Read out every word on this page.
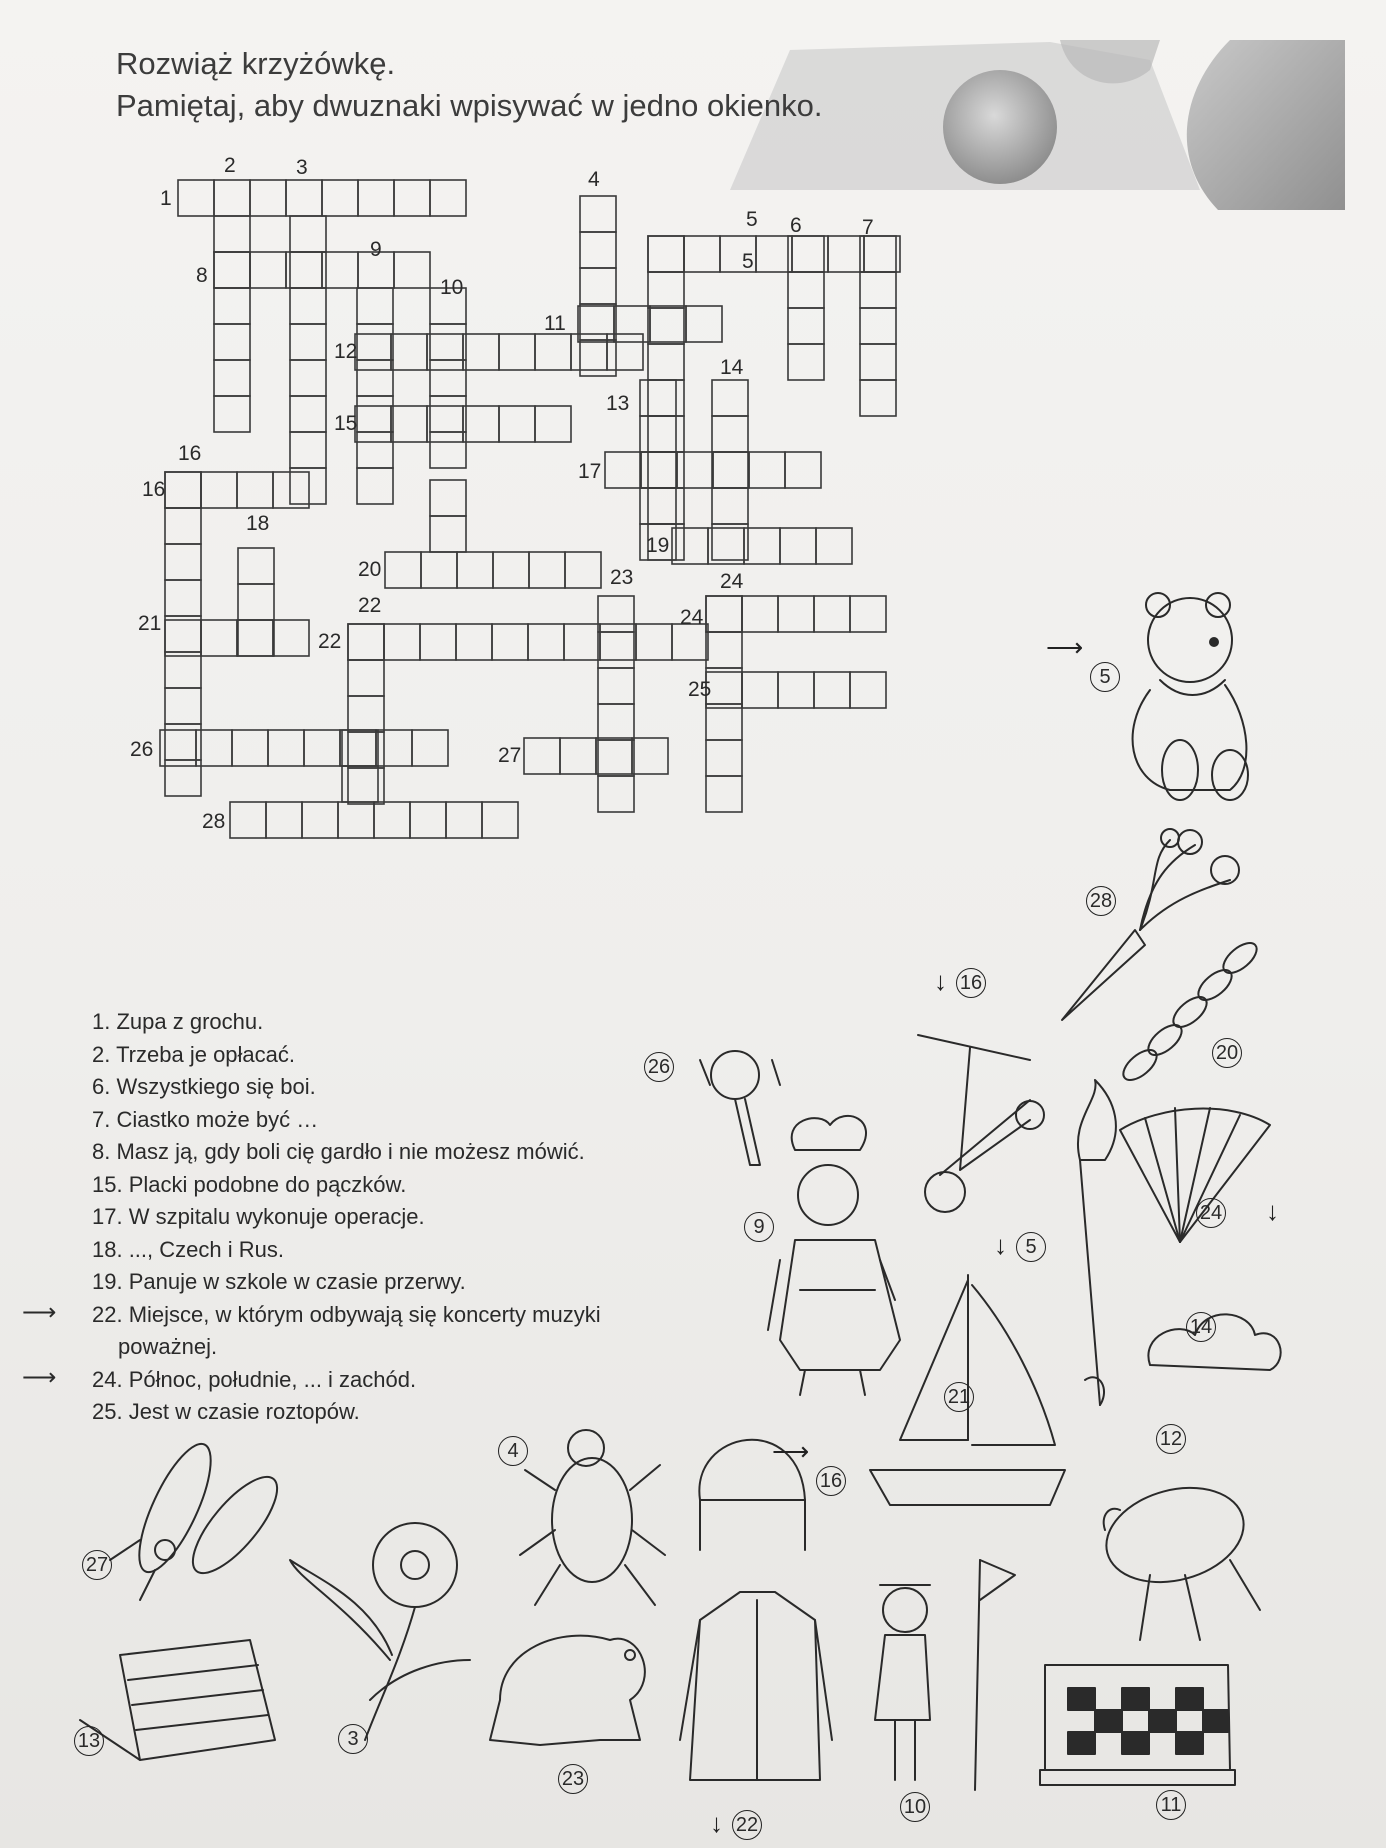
Rozwiąż krzyżówkę.
Pamiętaj, aby dwuznaki wpisywać w jedno okienko.
1
2	3
4
5
5
6	7
8
9
10
11
12
13
14
15
16
16
17
18
19
20
21
22
22
23	24
24
25
26	27
28
1. Zupa z grochu.
2. Trzeba je opłacać.
6. Wszystkiego się boi.
7. Ciastko może być …
8. Masz ją, gdy boli cię gardło i nie możesz mówić.
15. Placki podobne do pączków.
17. W szpitalu wykonuje operacje.
18. ..., Czech i Rus.
19. Panuje w szkole w czasie przerwy.
⟶ 22. Miejsce, w którym odbywają się koncerty muzyki
poważnej.
⟶ 24. Północ, południe, ... i zachód.
25. Jest w czasie roztopów.
5
⟶
28
16
↓
20
26
24 ↓
9
5
↓
14
21
12
4
16
⟶
27
3
13
23
22
↓
10	11
